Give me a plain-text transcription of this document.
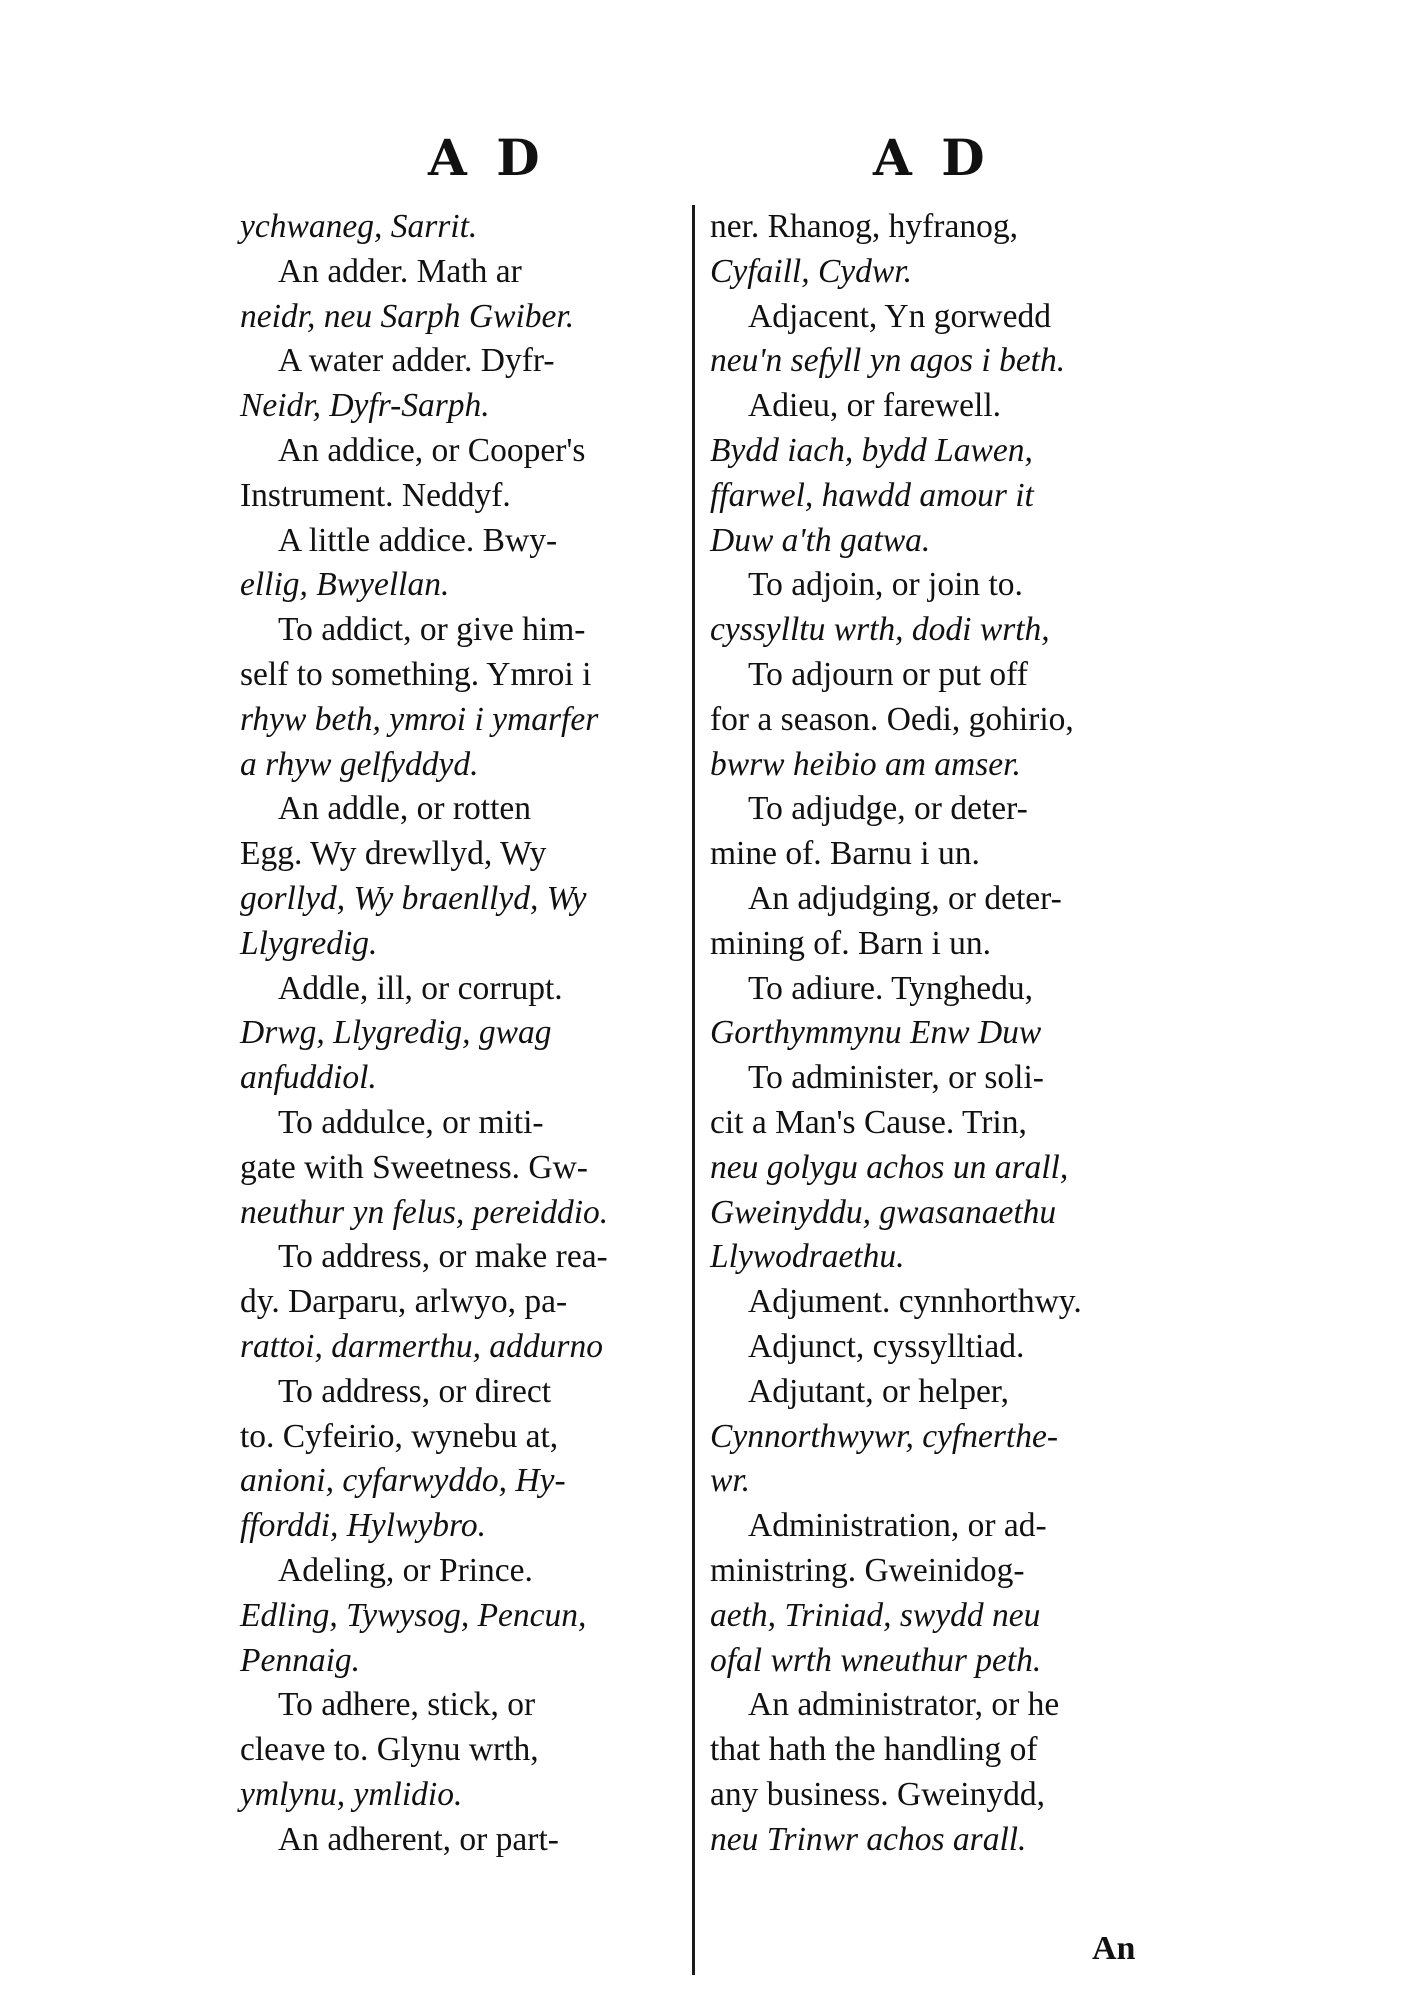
A D	A D
ychwaneg, Sarrit.
An adder. Math ar
neidr, neu Sarph Gwiber.
A water adder. Dyfr-
Neidr, Dyfr-Sarph.
An addice, or Cooper's
Instrument. Neddyf.
A little addice. Bwy-
ellig, Bwyellan.
To addict, or give him-
self to something. Ymroi i
rhyw beth, ymroi i ymarfer
a rhyw gelfyddyd.
An addle, or rotten
Egg. Wy drewllyd, Wy
gorllyd, Wy braenllyd, Wy
Llygredig.
Addle, ill, or corrupt.
Drwg, Llygredig, gwag
anfuddiol.
To addulce, or miti-
gate with Sweetness. Gw-
neuthur yn felus, pereiddio.
To address, or make rea-
dy. Darparu, arlwyo, pa-
rattoi, darmerthu, addurno
To address, or direct
to. Cyfeirio, wynebu at,
anioni, cyfarwyddo, Hy-
fforddi, Hylwybro.
Adeling, or Prince.
Edling, Tywysog, Pencun,
Pennaig.
To adhere, stick, or
cleave to. Glynu wrth,
ymlynu, ymlidio.
An adherent, or part-
ner. Rhanog, hyfranog,
Cyfaill, Cydwr.
Adjacent, Yn gorwedd
neu'n sefyll yn agos i beth.
Adieu, or farewell.
Bydd iach, bydd Lawen,
ffarwel, hawdd amour it
Duw a'th gatwa.
To adjoin, or join to.
cyssylltu wrth, dodi wrth,
To adjourn or put off
for a season. Oedi, gohirio,
bwrw heibio am amser.
To adjudge, or deter-
mine of. Barnu i un.
An adjudging, or deter-
mining of. Barn i un.
To adiure. Tynghedu,
Gorthymmynu Enw Duw
To administer, or soli-
cit a Man's Cause. Trin,
neu golygu achos un arall,
Gweinyddu, gwasanaethu
Llywodraethu.
Adjument. cynnhorthwy.
Adjunct, cyssylltiad.
Adjutant, or helper,
Cynnorthwywr, cyfnerthe-
wr.
Administration, or ad-
ministring. Gweinidog-
aeth, Triniad, swydd neu
ofal wrth wneuthur peth.
An administrator, or he
that hath the handling of
any business. Gweinydd,
neu Trinwr achos arall.
An
